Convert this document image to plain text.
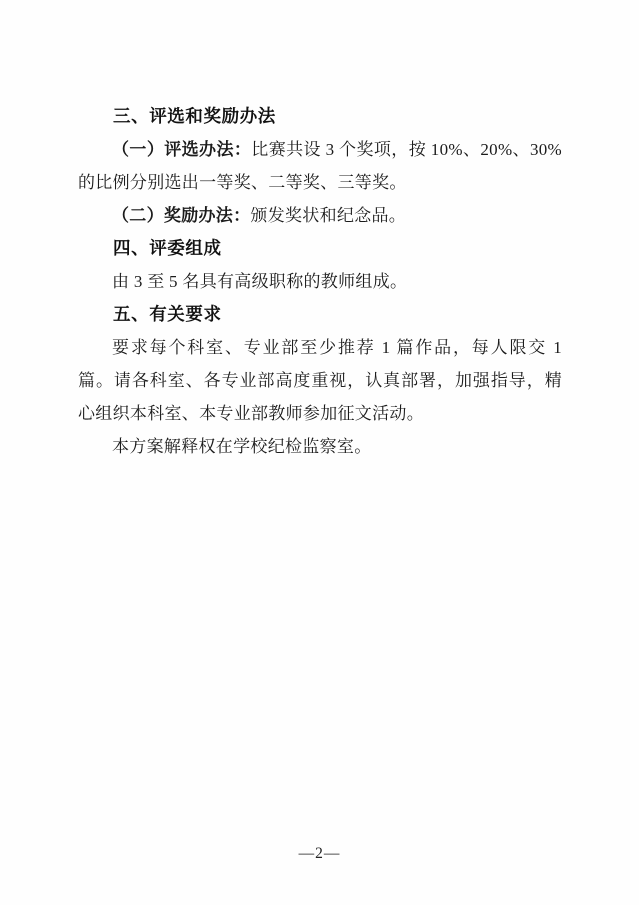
三、评选和奖励办法

（一）评选办法：比赛共设 3 个奖项，按 10%、20%、30%的比例分别选出一等奖、二等奖、三等奖。

（二）奖励办法：颁发奖状和纪念品。

四、评委组成

由 3 至 5 名具有高级职称的教师组成。

五、有关要求

要求每个科室、专业部至少推荐 1 篇作品，每人限交 1 篇。请各科室、各专业部高度重视，认真部署，加强指导，精心组织本科室、本专业部教师参加征文活动。

本方案解释权在学校纪检监察室。

—2—
